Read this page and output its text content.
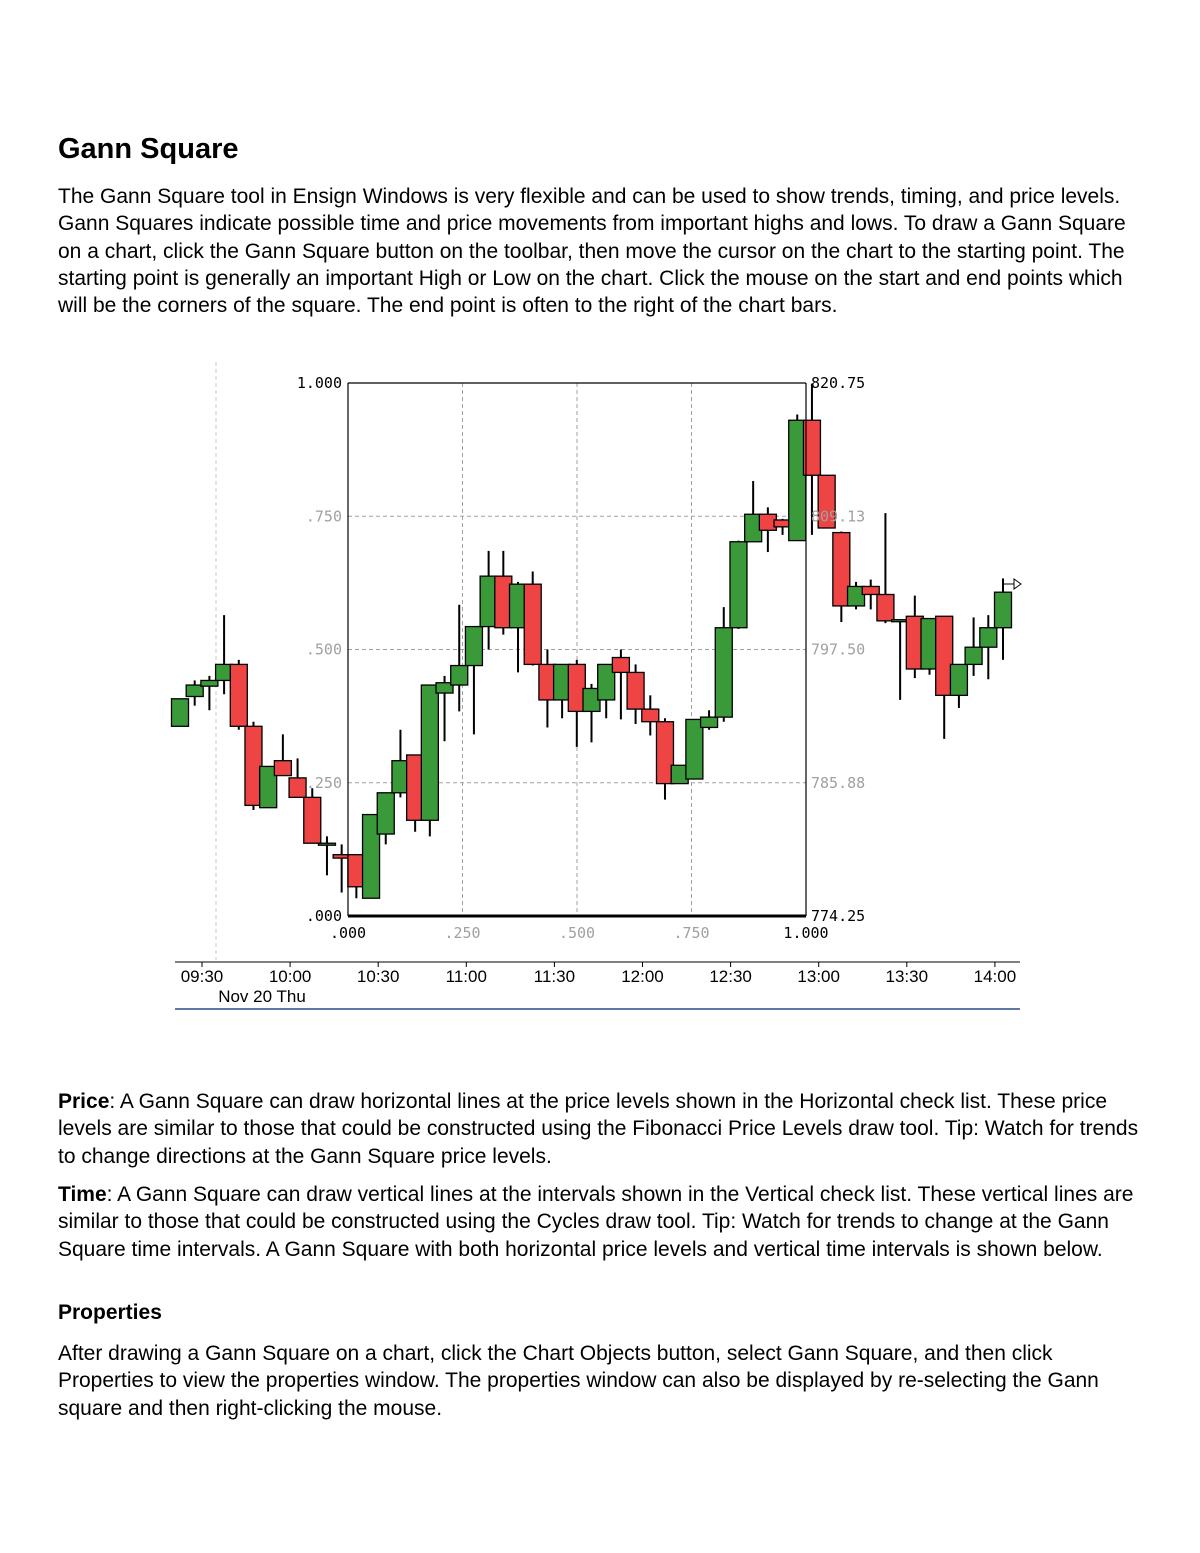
Gann Square

The Gann Square tool in Ensign Windows is very flexible and can be used to show trends, timing, and price levels. Gann Squares indicate possible time and price movements from important highs and lows. To draw a Gann Square on a chart, click the Gann Square button on the toolbar, then move the cursor on the chart to the starting point. The starting point is generally an important High or Low on the chart. Click the mouse on the start and end points which will be the corners of the square. The end point is often to the right of the chart bars.

1.000	820.75
.750	809.13
.500	797.50
.250	785.88
.000	774.25
.000	.250	.500	.750	1.000
09:30	10:00	10:30	11:00	11:30	12:00	12:30	13:00	13:30	14:00
Nov 20 Thu

Price: A Gann Square can draw horizontal lines at the price levels shown in the Horizontal check list. These price levels are similar to those that could be constructed using the Fibonacci Price Levels draw tool. Tip: Watch for trends to change directions at the Gann Square price levels.

Time: A Gann Square can draw vertical lines at the intervals shown in the Vertical check list. These vertical lines are similar to those that could be constructed using the Cycles draw tool. Tip: Watch for trends to change at the Gann Square time intervals. A Gann Square with both horizontal price levels and vertical time intervals is shown below.

Properties

After drawing a Gann Square on a chart, click the Chart Objects button, select Gann Square, and then click Properties to view the properties window. The properties window can also be displayed by re-selecting the Gann square and then right-clicking the mouse.
